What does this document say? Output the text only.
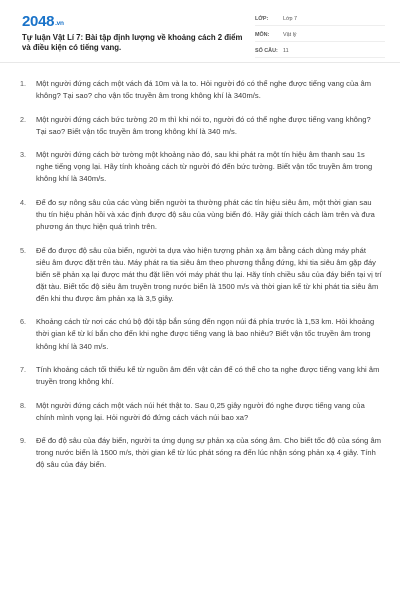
2048.vn
Tự luận Vật Lí 7: Bài tập định lượng về khoảng cách 2 điểm và điều kiện có tiếng vang.
LỚP:	Lớp 7
MÔN:	Vật lý
SỐ CÂU: 11
1.	Một người đứng cách một vách đá 10m và la to. Hỏi người đó có thể nghe được tiếng vang của âm không? Tại sao? cho vận tốc truyền âm trong không khí là 340m/s.
2.	Một người đứng cách bức tường 20 m thì khi nói to, người đó có thể nghe được tiếng vang không? Tại sao? Biết vận tốc truyền âm trong không khí là 340 m/s.
3.	Một người đứng cách bờ tường một khoảng nào đó, sau khi phát ra một tín hiệu âm thanh sau 1s nghe tiếng vọng lại. Hãy tính khoảng cách từ người đó đến bức tường. Biết vận tốc truyền âm trong không khí là 340m/s.
4.	Để đo sự nông sâu của các vùng biển người ta thường phát các tín hiệu siêu âm, một thời gian sau thu tín hiệu phản hồi và xác định được độ sâu của vùng biển đó. Hãy giải thích cách làm trên và đưa phương án thực hiện quá trình trên.
5.	Để đo được độ sâu của biển, người ta dựa vào hiện tượng phản xạ âm bằng cách dùng máy phát siêu âm được đặt trên tàu. Máy phát ra tia siêu âm theo phương thẳng đứng, khi tia siêu âm gặp đáy biển sẽ phản xạ lại được mát thu đặt liền với máy phát thu lại. Hãy tính chiều sâu của đáy biển tại vị trí đặt tàu. Biết tốc độ siêu âm truyền trong nước biển là 1500 m/s và thời gian kể từ khi phát tia siêu âm đến khi thu được âm phản xạ là 3,5 giây.
6.	Khoảng cách từ nơi các chú bộ đội tập bắn súng đến ngọn núi đá phía trước là 1,53 km. Hỏi khoảng thời gian kể từ kí bắn cho đến khi nghe được tiếng vang là bao nhiêu? Biết vận tốc truyền âm trong không khí là 340 m/s.
7.	Tính khoảng cách tối thiểu kể từ nguồn âm đến vật cản để có thể cho ta nghe được tiếng vang khi âm truyền trong không khí.
8.	Một người đứng cách một vách núi hét thật to. Sau 0,25 giây người đó nghe được tiếng vang của chính mình vọng lại. Hỏi người đó đứng cách vách núi bao xa?
9.	Để đo độ sâu của đáy biển, người ta ứng dụng sự phản xạ của sóng âm. Cho biết tốc độ của sóng âm trong nước biển là 1500 m/s, thời gian kể từ lúc phát sóng ra đến lúc nhận sóng phản xạ 4 giây. Tính độ sâu của đáy biển.
